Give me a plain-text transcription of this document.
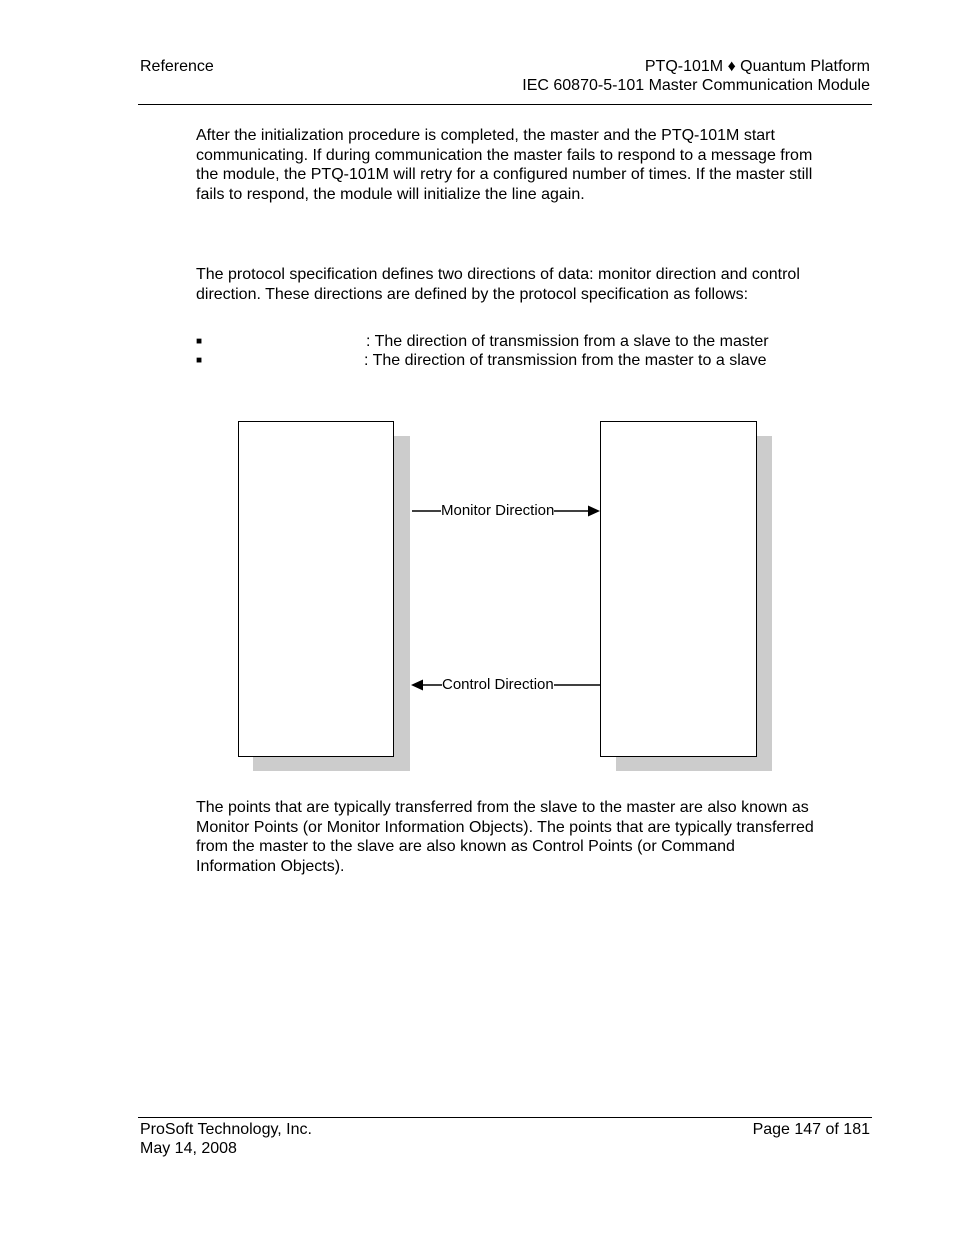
Reference	PTQ-101M ♦ Quantum Platform
IEC 60870-5-101 Master Communication Module

After the initialization procedure is completed, the master and the PTQ-101M start communicating. If during communication the master fails to respond to a message from the module, the PTQ-101M will retry for a configured number of times. If the master still fails to respond, the module will initialize the line again.

The protocol specification defines two directions of data: monitor direction and control direction. These directions are defined by the protocol specification as follows:

■	: The direction of transmission from a slave to the master
■	: The direction of transmission from the master to a slave
Monitor Direction
Control Direction

The points that are typically transferred from the slave to the master are also known as Monitor Points (or Monitor Information Objects). The points that are typically transferred from the master to the slave are also known as Control Points (or Command Information Objects).

ProSoft Technology, Inc.
May 14, 2008
Page 147 of 181
